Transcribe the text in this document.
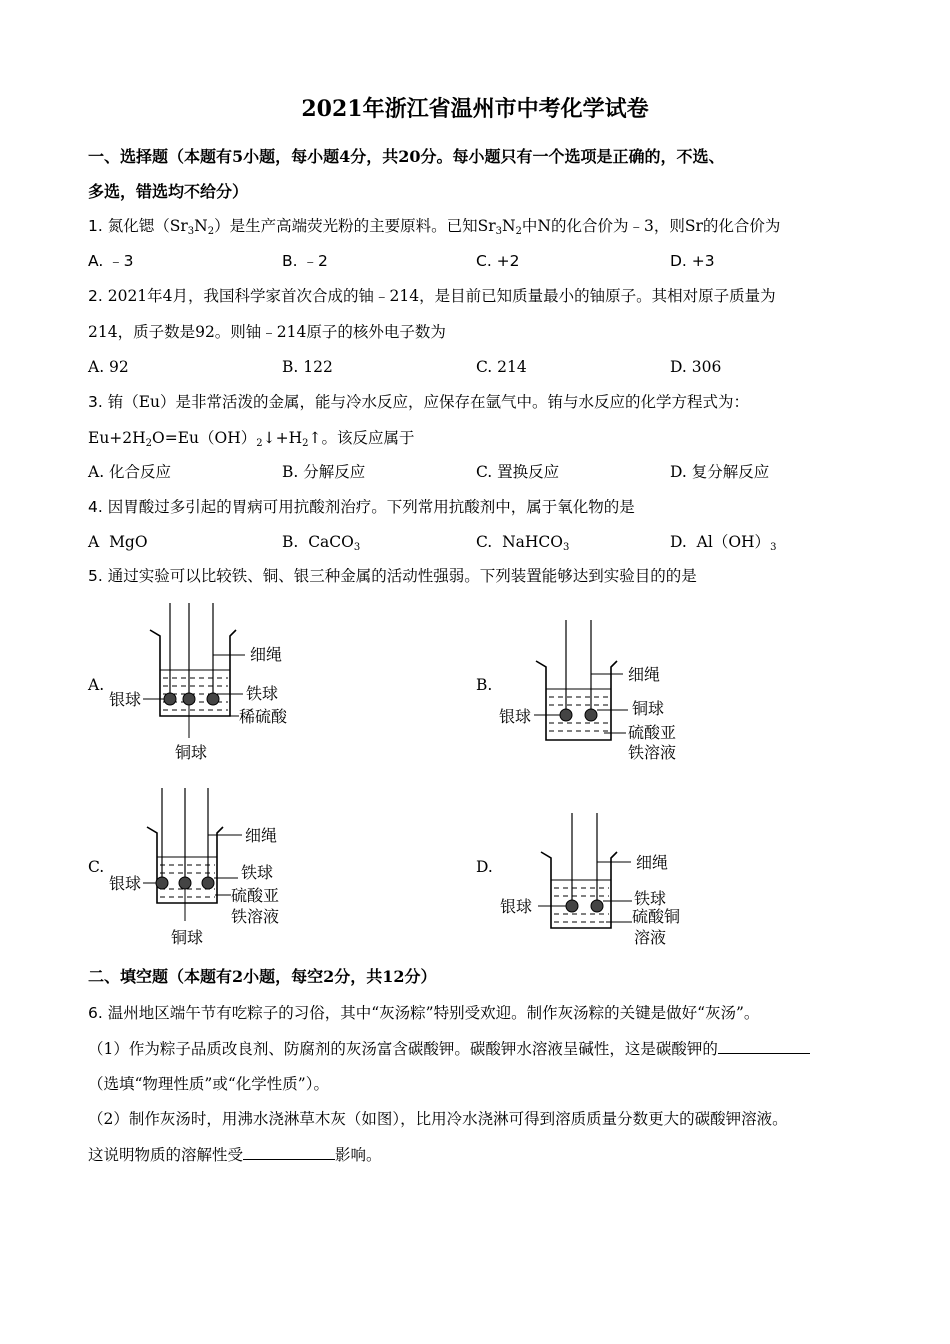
2021年浙江省温州市中考化学试卷
一、选择题（本题有5小题，每小题4分，共20分。每小题只有一个选项是正确的，不选、
多选，错选均不给分）
1. 氮化锶$(Sr_3N_2)$是生产高端荧光粉的主要原料。已知$Sr_3N_2$中N的化合价为﹣3，则Sr的化合价为
A. ﹣3	B. ﹣2	C. +2	D. +3
2. 2021年4月，我国科学家首次合成的铀﹣214，是目前已知质量最小的铀原子。其相对原子质量为
214，质子数是92。则铀﹣214原子的核外电子数为
A. 92	B. 122	C. 214	D. 306
3. 铕（Eu）是非常活泼的金属，能与冷水反应，应保存在氩气中。铕与水反应的化学方程式为：
$Eu+2H_2O=Eu(OH)_2↓+H_2↑$。该反应属于
A. 化合反应	B. 分解反应	C. 置换反应	D. 复分解反应
4. 因胃酸过多引起的胃病可用抗酸剂治疗。下列常用抗酸剂中，属于氧化物的是
A MgO	B. CaCO$_3$	C. NaHCO$_3$	D. $Al(OH)_3$
5. 通过实验可以比较铁、铜、银三种金属的活动性强弱。下列装置能够达到实验目的的是
A.
细绳
铁球
稀硫酸
银球
铜球
B.
细绳
铜球
硫酸亚
铁溶液
银球
C.
细绳
铁球
硫酸亚
铁溶液
银球
铜球
D.	细绳
铁球
硫酸铜
溶液
银球
二、填空题（本题有2小题，每空2分，共12分）
6. 温州地区端午节有吃粽子的习俗，其中“灰汤粽”特别受欢迎。制作灰汤粽的关键是做好“灰汤”。
（1）作为粽子品质改良剂、防腐剂的灰汤富含碳酸钾。碳酸钾水溶液呈碱性，这是碳酸钾的
（选填“物理性质”或“化学性质”）。
（2）制作灰汤时，用沸水浇淋草木灰（如图），比用冷水浇淋可得到溶质质量分数更大的碳酸钾溶液。
这说明物质的溶解性受	影响。
